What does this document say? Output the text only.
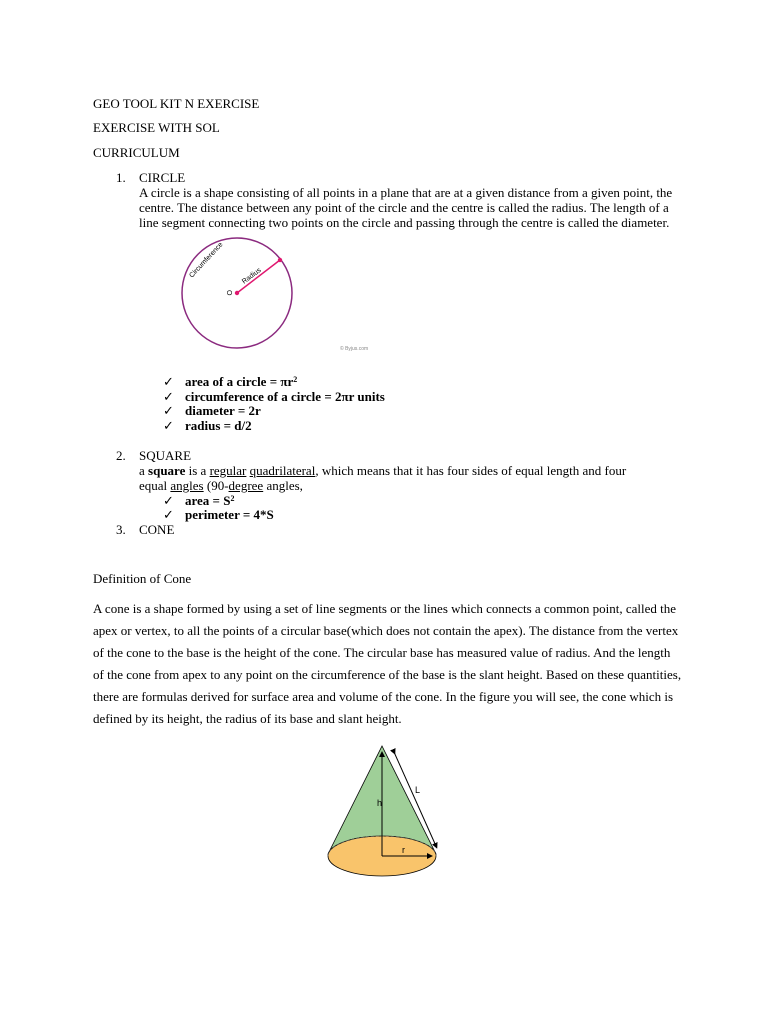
GEO TOOL KIT N EXERCISE
EXERCISE WITH SOL
CURRICULUM
1. CIRCLE
A circle is a shape consisting of all points in a plane that are at a given distance from a given point, the centre. The distance between any point of the circle and the centre is called the radius. The length of a line segment connecting two points on the circle and passing through the centre is called the diameter.
Circumference Radius
O
© Byjus.com
✓ area of a circle = $\pi r^2$
✓ circumference of a circle = 2πr units
✓ diameter = 2r
✓ radius = d/2
2. SQUARE
a square is a regular quadrilateral, which means that it has four sides of equal length and four
equal angles (90-degree angles,
✓ area = $S^2$
✓ perimeter = 4*S
3. CONE
Definition of Cone
A cone is a shape formed by using a set of line segments or the lines which connects a common point, called the apex or vertex, to all the points of a circular base(which does not contain the apex). The distance from the vertex of the cone to the base is the height of the cone. The circular base has measured value of radius. And the length of the cone from apex to any point on the circumference of the base is the slant height. Based on these quantities, there are formulas derived for surface area and volume of the cone. In the figure you will see, the cone which is defined by its height, the radius of its base and slant height.
h
L
r
